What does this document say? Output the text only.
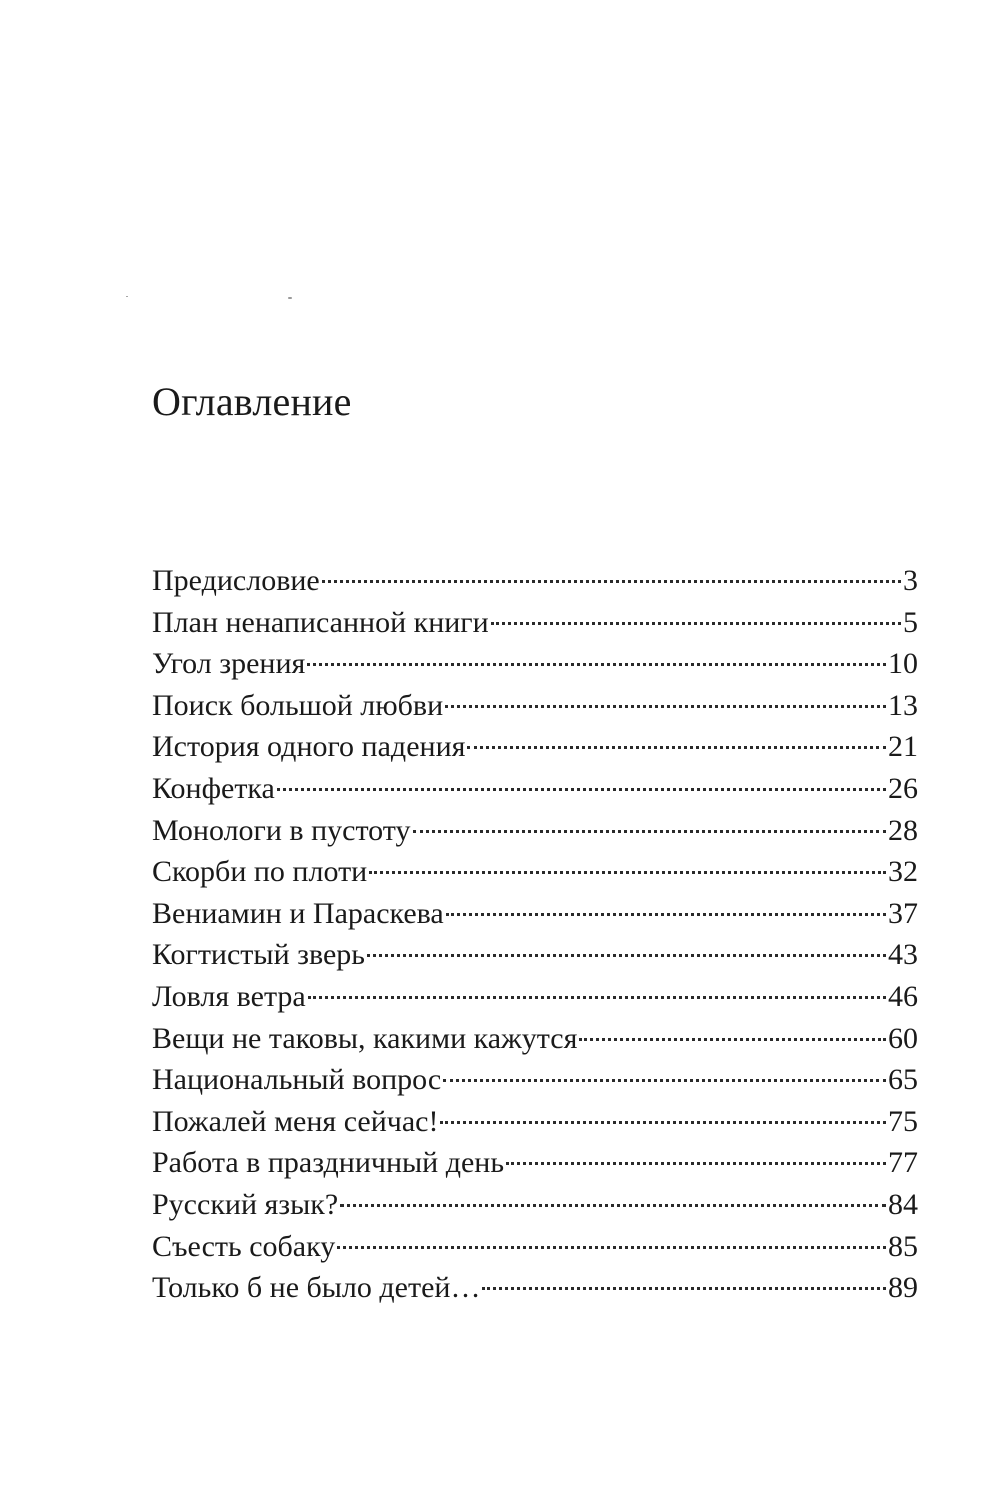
Оглавление
Предисловие	3
План ненаписанной книги	5
Угол зрения	10
Поиск большой любви	13
История одного падения	21
Конфетка	26
Монологи в пустоту	28
Скорби по плоти	32
Вениамин и Параскева	37
Когтистый зверь	43
Ловля ветра	46
Вещи не таковы, какими кажутся	60
Национальный вопрос	65
Пожалей меня сейчас!	75
Работа в праздничный день	77
Русский язык?	84
Съесть собаку	85
Только б не было детей…	89
